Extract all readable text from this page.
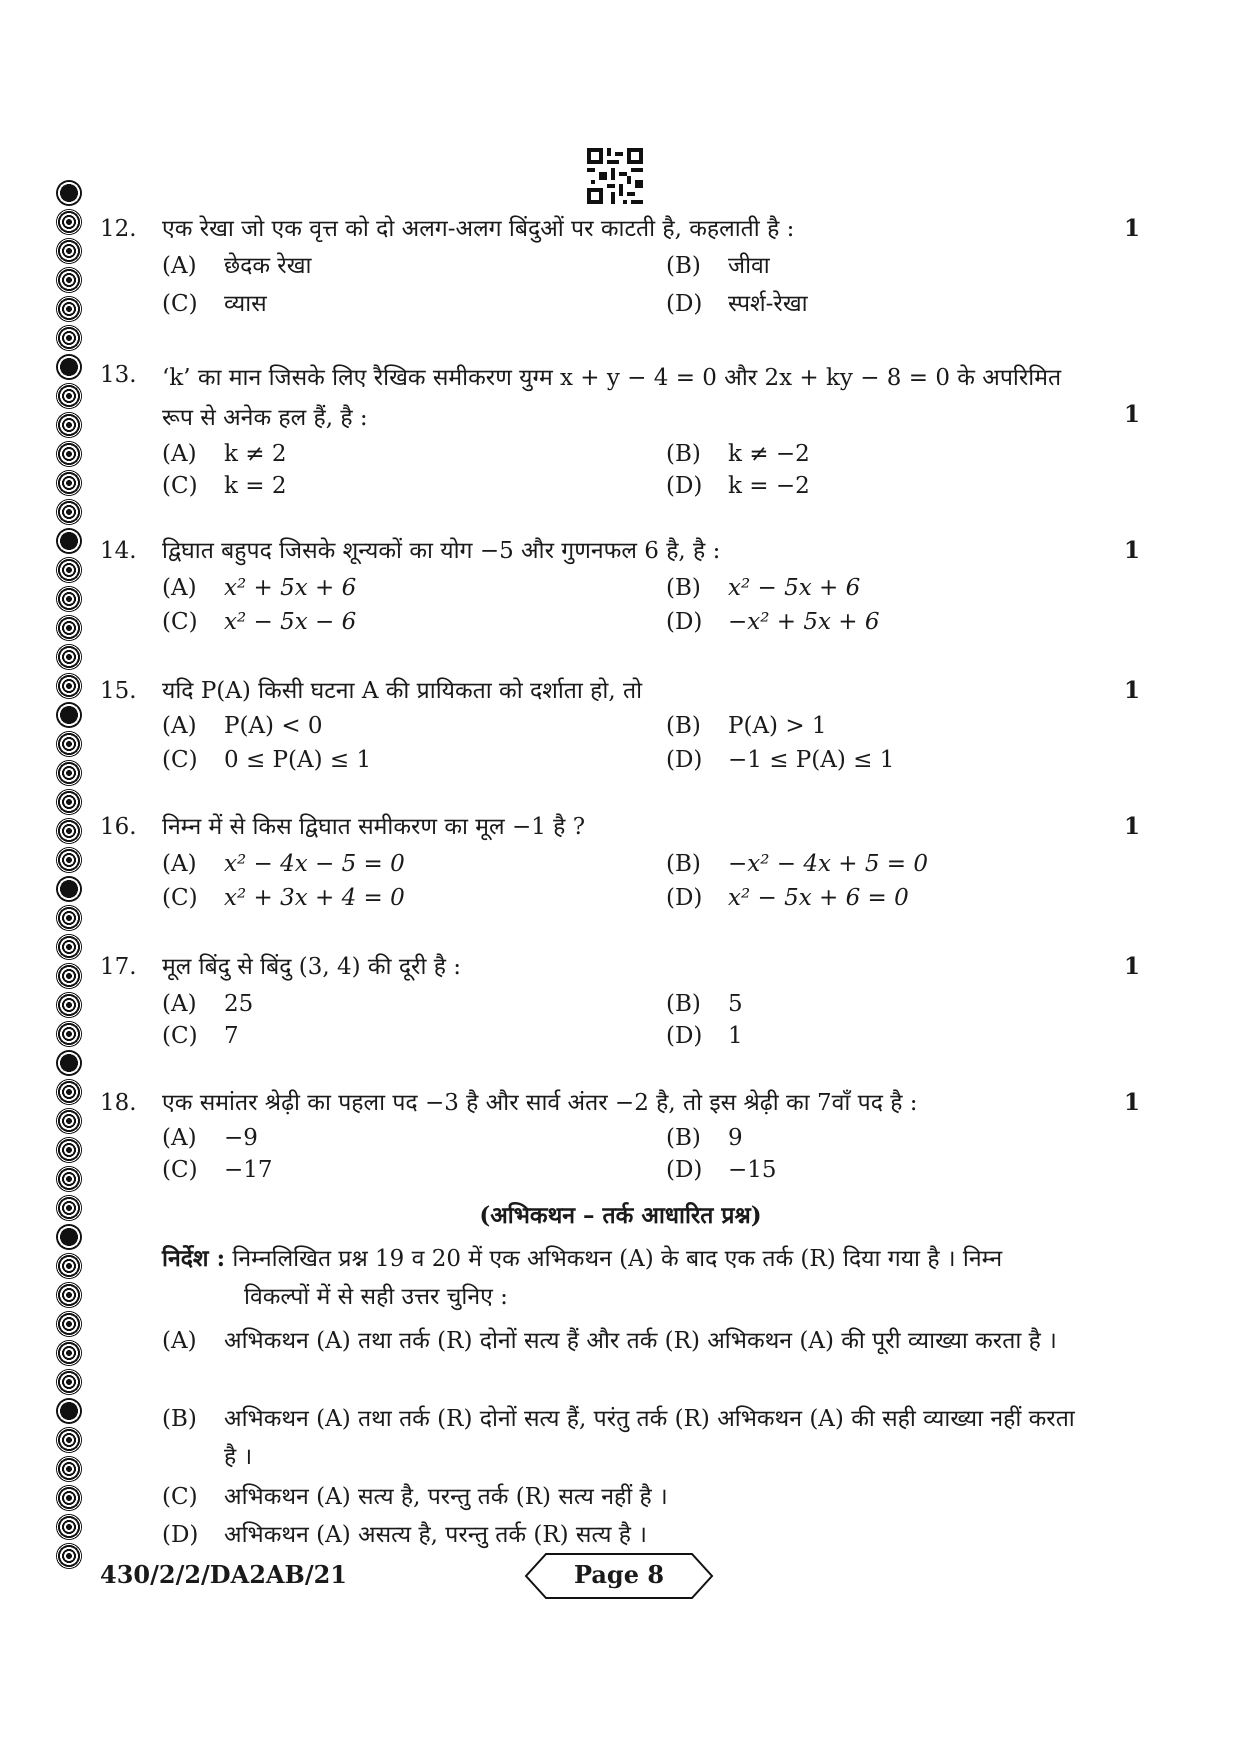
12.	एक रेखा जो एक वृत्त को दो अलग-अलग बिंदुओं पर काटती है, कहलाती है :	1
(A) छेदक रेखा	(B) जीवा
(C) व्यास	(D) स्पर्श-रेखा
13.	‘k’ का मान जिसके लिए रैखिक समीकरण युग्म x + y − 4 = 0 और 2x + ky − 8 = 0 के अपरिमित रूप से अनेक हल हैं, है :	1
(A) k ≠ 2	(B) k ≠ −2
(C) k = 2	(D) k = −2
14.	द्विघात बहुपद जिसके शून्यकों का योग −5 और गुणनफल 6 है, है :	1
(A) x² + 5x + 6	(B) x² − 5x + 6
(C) x² − 5x − 6	(D) −x² + 5x + 6
15.	यदि P(A) किसी घटना A की प्रायिकता को दर्शाता हो, तो	1
(A) P(A) < 0	(B) P(A) > 1
(C) 0 ≤ P(A) ≤ 1	(D) −1 ≤ P(A) ≤ 1
16.	निम्न में से किस द्विघात समीकरण का मूल −1 है ?	1
(A) x² − 4x − 5 = 0	(B) −x² − 4x + 5 = 0
(C) x² + 3x + 4 = 0	(D) x² − 5x + 6 = 0
17.	मूल बिंदु से बिंदु (3, 4) की दूरी है :	1
(A) 25	(B) 5
(C) 7	(D) 1
18.	एक समांतर श्रेढ़ी का पहला पद −3 है और सार्व अंतर −2 है, तो इस श्रेढ़ी का 7वाँ पद है :	1
(A) −9	(B) 9
(C) −17	(D) −15
(अभिकथन – तर्क आधारित प्रश्न)
निर्देश : निम्नलिखित प्रश्न 19 व 20 में एक अभिकथन (A) के बाद एक तर्क (R) दिया गया है । निम्न
विकल्पों में से सही उत्तर चुनिए :
(A)	अभिकथन (A) तथा तर्क (R) दोनों सत्य हैं और तर्क (R) अभिकथन (A) की पूरी व्याख्या करता है ।
(B)	अभिकथन (A) तथा तर्क (R) दोनों सत्य हैं, परंतु तर्क (R) अभिकथन (A) की सही व्याख्या नहीं करता है ।
(C)	अभिकथन (A) सत्य है, परन्तु तर्क (R) सत्य नहीं है ।
(D)	अभिकथन (A) असत्य है, परन्तु तर्क (R) सत्य है ।
430/2/2/DA2AB/21	Page 8
